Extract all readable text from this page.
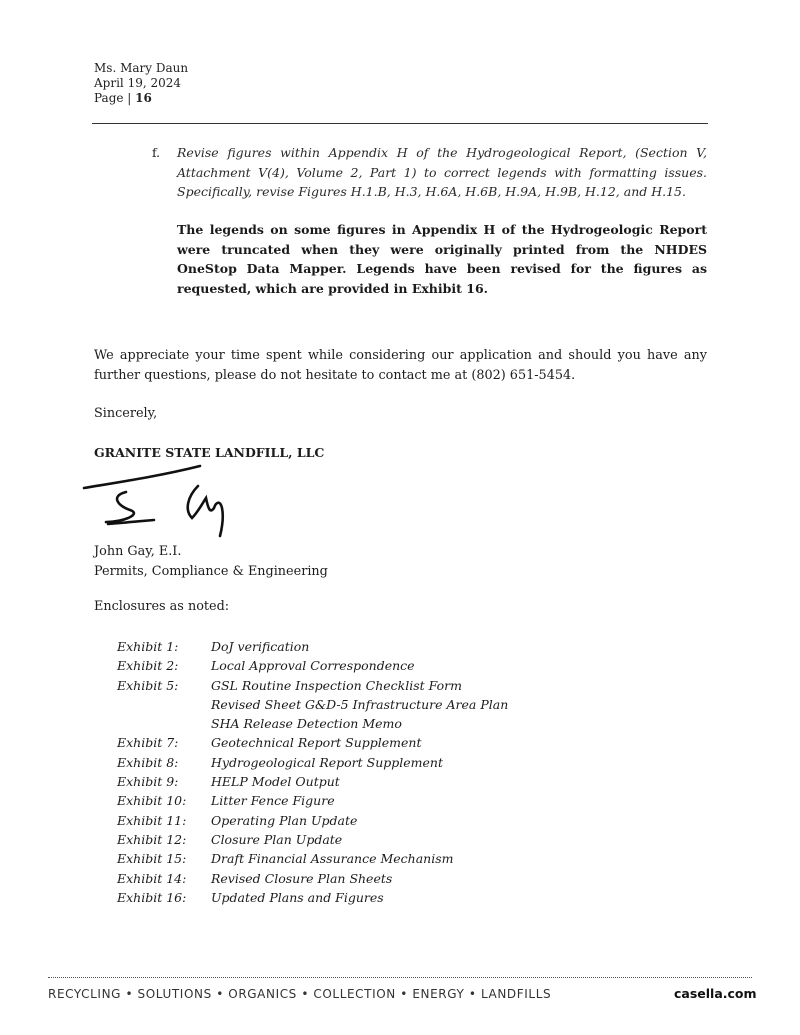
Ms. Mary Daun
April 19, 2024
Page | 16
f. Revise figures within Appendix H of the Hydrogeological Report, (Section V, Attachment V(4), Volume 2, Part 1) to correct legends with formatting issues. Specifically, revise Figures H.1.B, H.3, H.6A, H.6B, H.9A, H.9B, H.12, and H.15.
The legends on some figures in Appendix H of the Hydrogeologic Report were truncated when they were originally printed from the NHDES OneStop Data Mapper. Legends have been revised for the figures as requested, which are provided in Exhibit 16.
We appreciate your time spent while considering our application and should you have any further questions, please do not hesitate to contact me at (802) 651-5454.
Sincerely,
GRANITE STATE LANDFILL, LLC
John Gay, E.I.
Permits, Compliance & Engineering
Enclosures as noted:
Exhibit 1:	DoJ verification
Exhibit 2:	Local Approval Correspondence
Exhibit 5:	GSL Routine Inspection Checklist Form
Revised Sheet G&D-5 Infrastructure Area Plan
SHA Release Detection Memo
Exhibit 7:	Geotechnical Report Supplement
Exhibit 8:	Hydrogeological Report Supplement
Exhibit 9:	HELP Model Output
Exhibit 10: Litter Fence Figure
Exhibit 11: Operating Plan Update
Exhibit 12: Closure Plan Update
Exhibit 15: Draft Financial Assurance Mechanism
Exhibit 14: Revised Closure Plan Sheets
Exhibit 16: Updated Plans and Figures
RECYCLING • SOLUTIONS • ORGANICS • COLLECTION • ENERGY • LANDFILLS	casella.com
